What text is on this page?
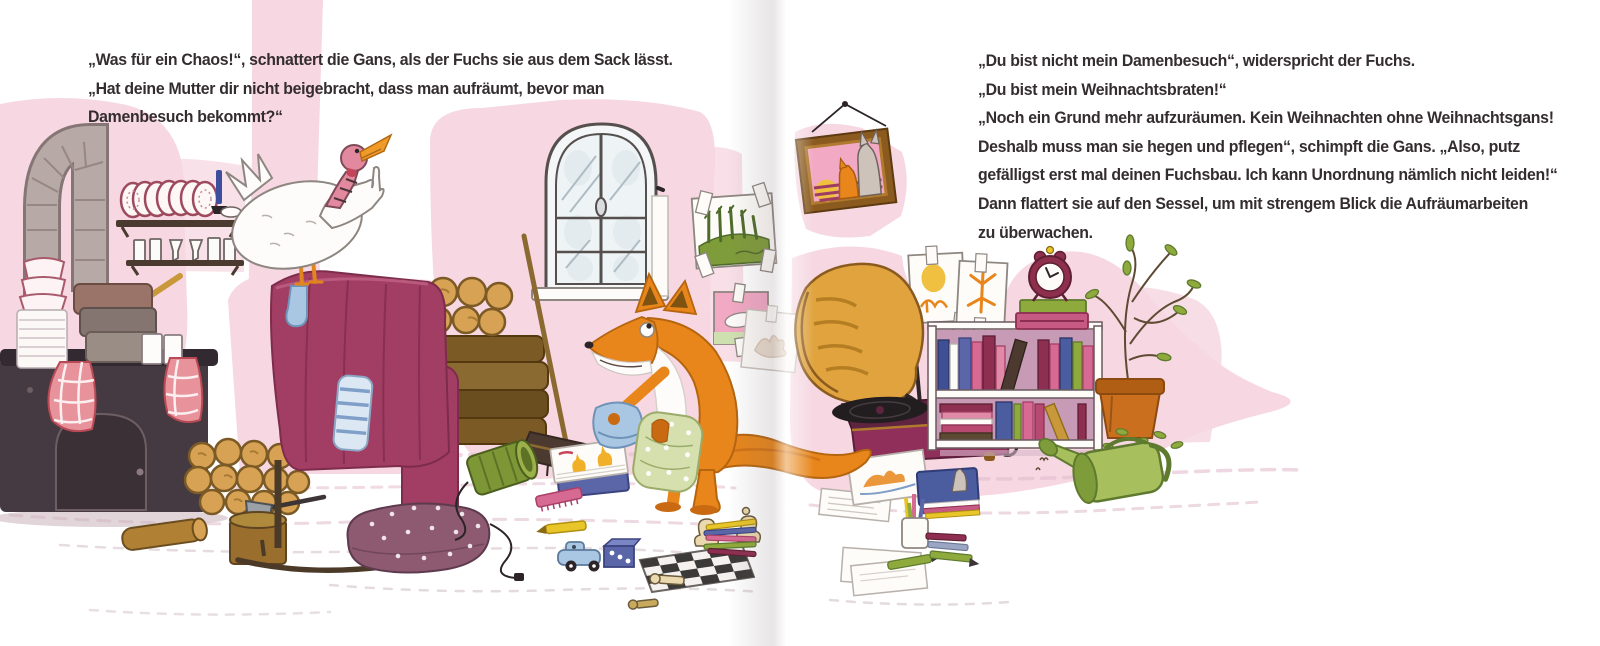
„Was für ein Chaos!“, schnattert die Gans, als der Fuchs sie aus dem Sack lässt.

„Hat deine Mutter dir nicht beigebracht, dass man aufräumt, bevor man

Damenbesuch bekommt?“

„Du bist nicht mein Damenbesuch“, widerspricht der Fuchs.

„Du bist mein Weihnachtsbraten!“

„Noch ein Grund mehr aufzuräumen. Kein Weihnachten ohne Weihnachtsgans!

Deshalb muss man sie hegen und pflegen“, schimpft die Gans. „Also, putz

gefälligst erst mal deinen Fuchsbau. Ich kann Unordnung nämlich nicht leiden!“

Dann flattert sie auf den Sessel, um mit strengem Blick die Aufräumarbeiten

zu überwachen.
